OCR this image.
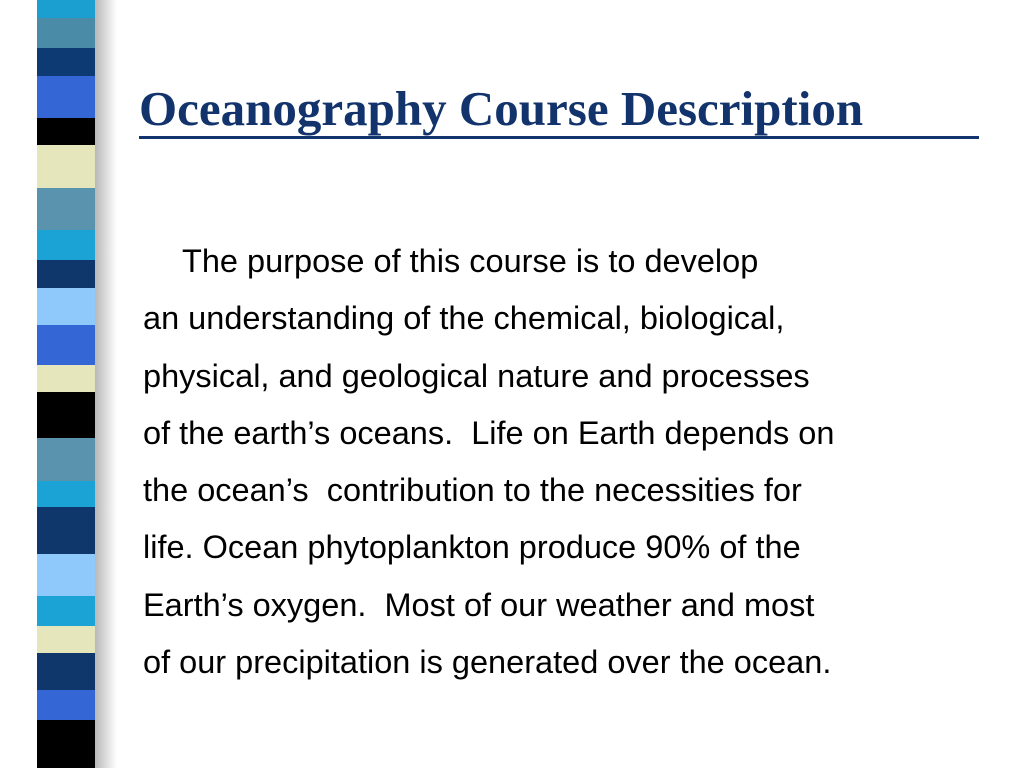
Oceanography Course Description

The purpose of this course is to develop
an understanding of the chemical, biological,
physical, and geological nature and processes
of the earth’s oceans.  Life on Earth depends on
the ocean’s  contribution to the necessities for
life. Ocean phytoplankton produce 90% of the
Earth’s oxygen.  Most of our weather and most
of our precipitation is generated over the ocean.
